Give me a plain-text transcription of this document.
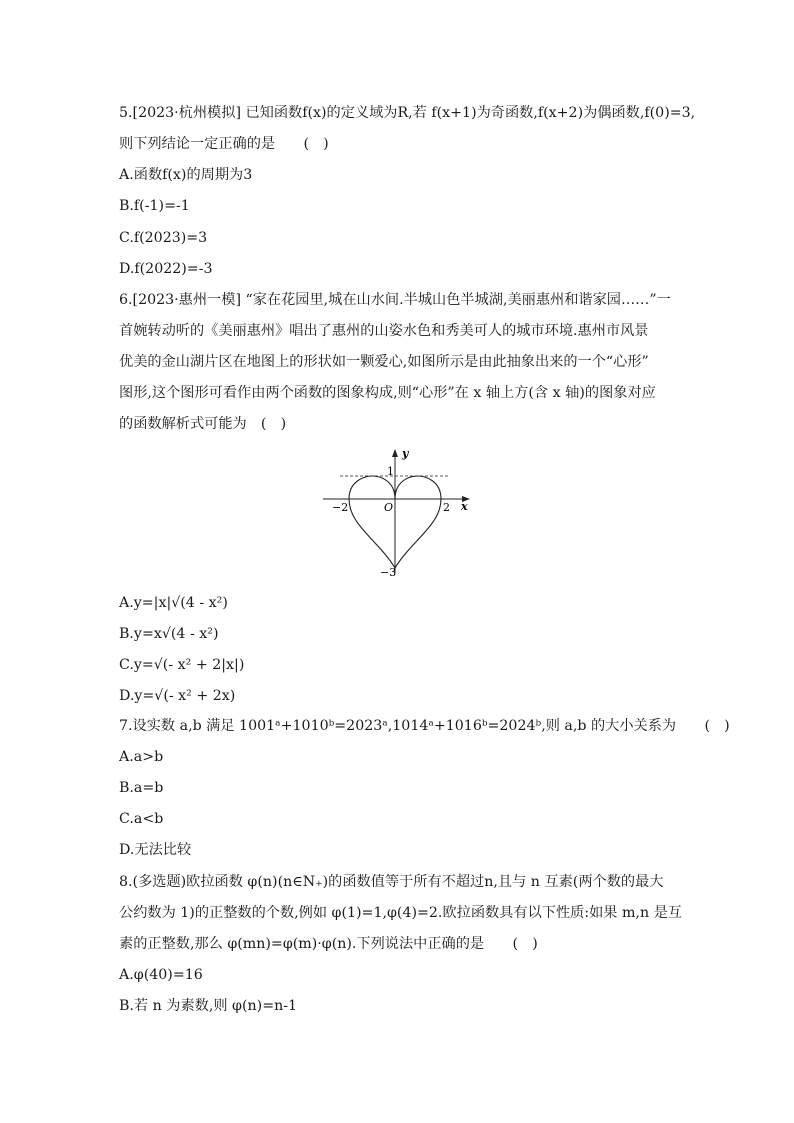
5.[2023·杭州模拟] 已知函数f(x)的定义域为R,若 f(x+1)为奇函数,f(x+2)为偶函数,f(0)=3,
则下列结论一定正确的是　　(　)
A.函数f(x)的周期为3
B.f(-1)=-1
C.f(2023)=3
D.f(2022)=-3
6.[2023·惠州一模] “家在花园里,城在山水间.半城山色半城湖,美丽惠州和谐家园……”一
首婉转动听的《美丽惠州》唱出了惠州的山姿水色和秀美可人的城市环境.惠州市风景
优美的金山湖片区在地图上的形状如一颗爱心,如图所示是由此抽象出来的一个“心形”
图形,这个图形可看作由两个函数的图象构成,则“心形”在 x 轴上方(含 x 轴)的图象对应
的函数解析式可能为　(　)
y
x
1
−2	O	2
−3
A.y=|x|√(4 - x²)
B.y=x√(4 - x²)
C.y=√(- x² + 2|x|)
D.y=√(- x² + 2x)
7.设实数 a,b 满足 1001ᵃ+1010ᵇ=2023ᵃ,1014ᵃ+1016ᵇ=2024ᵇ,则 a,b 的大小关系为　　(　)
A.a>b
B.a=b
C.a<b
D.无法比较
8.(多选题)欧拉函数 φ(n)(n∈N₊)的函数值等于所有不超过n,且与 n 互素(两个数的最大
公约数为 1)的正整数的个数,例如 φ(1)=1,φ(4)=2.欧拉函数具有以下性质:如果 m,n 是互
素的正整数,那么 φ(mn)=φ(m)·φ(n).下列说法中正确的是　　(　)
A.φ(40)=16
B.若 n 为素数,则 φ(n)=n-1
